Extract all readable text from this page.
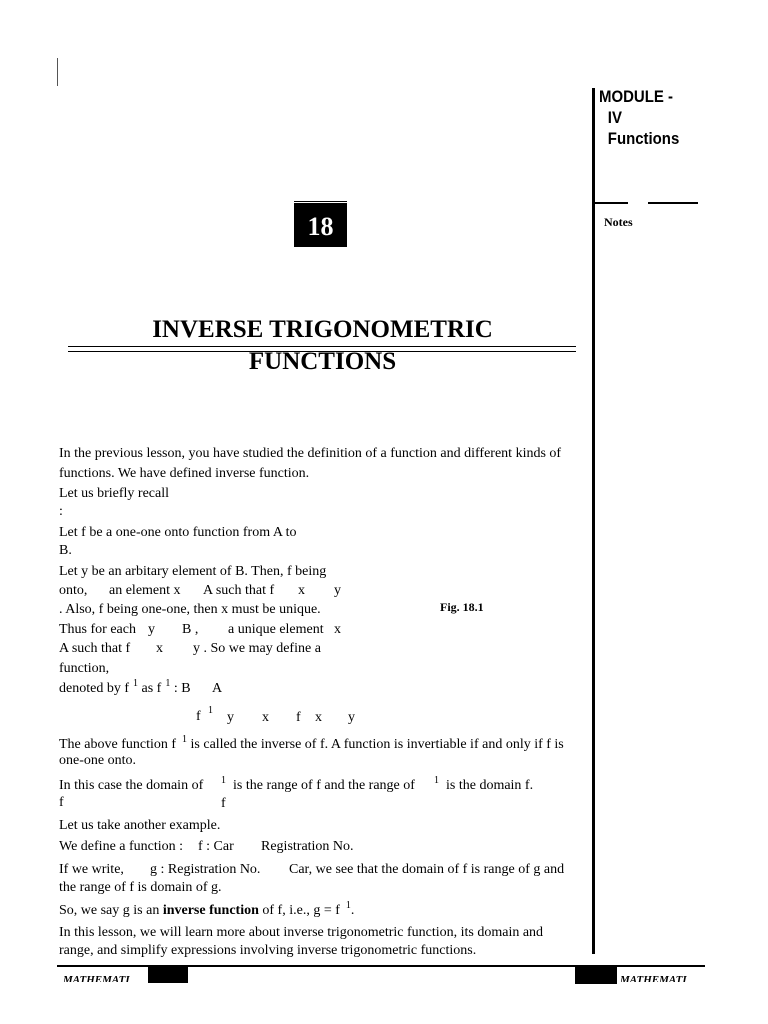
MODULE -
IV
Functions
Notes
18
INVERSE TRIGONOMETRIC
FUNCTIONS
In the previous lesson, you have studied the definition of a function and different kinds of
functions. We have defined inverse function.
Let us briefly recall
:
Let f be a one-one onto function from A to
B.
Let y be an arbitary element of B. Then, f being
onto, an element x A such that f x y
. Also, f being one-one, then x must be unique.
Thus for each y B , a unique element x
A such that f x y . So we may define a
function,
denoted by f $^1$ as f $^1$ : B A
f 1 y x f x y
Fig. 18.1
The above function f $^1$ is called the inverse of f. A function is invertiable if and only if f is
one-one onto.
In this case the domain of 1 is the range of f and the range of 1 is the domain f.
f	f
Let us take another example.
We define a function : f : Car Registration No.
If we write, g : Registration No. Car, we see that the domain of f is range of g and
the range of f is domain of g.
So, we say g is an inverse function of f, i.e., g = f $^1$.
In this lesson, we will learn more about inverse trigonometric function, its domain and
range, and simplify expressions involving inverse trigonometric functions.
MATHEMATI	MATHEMATI
